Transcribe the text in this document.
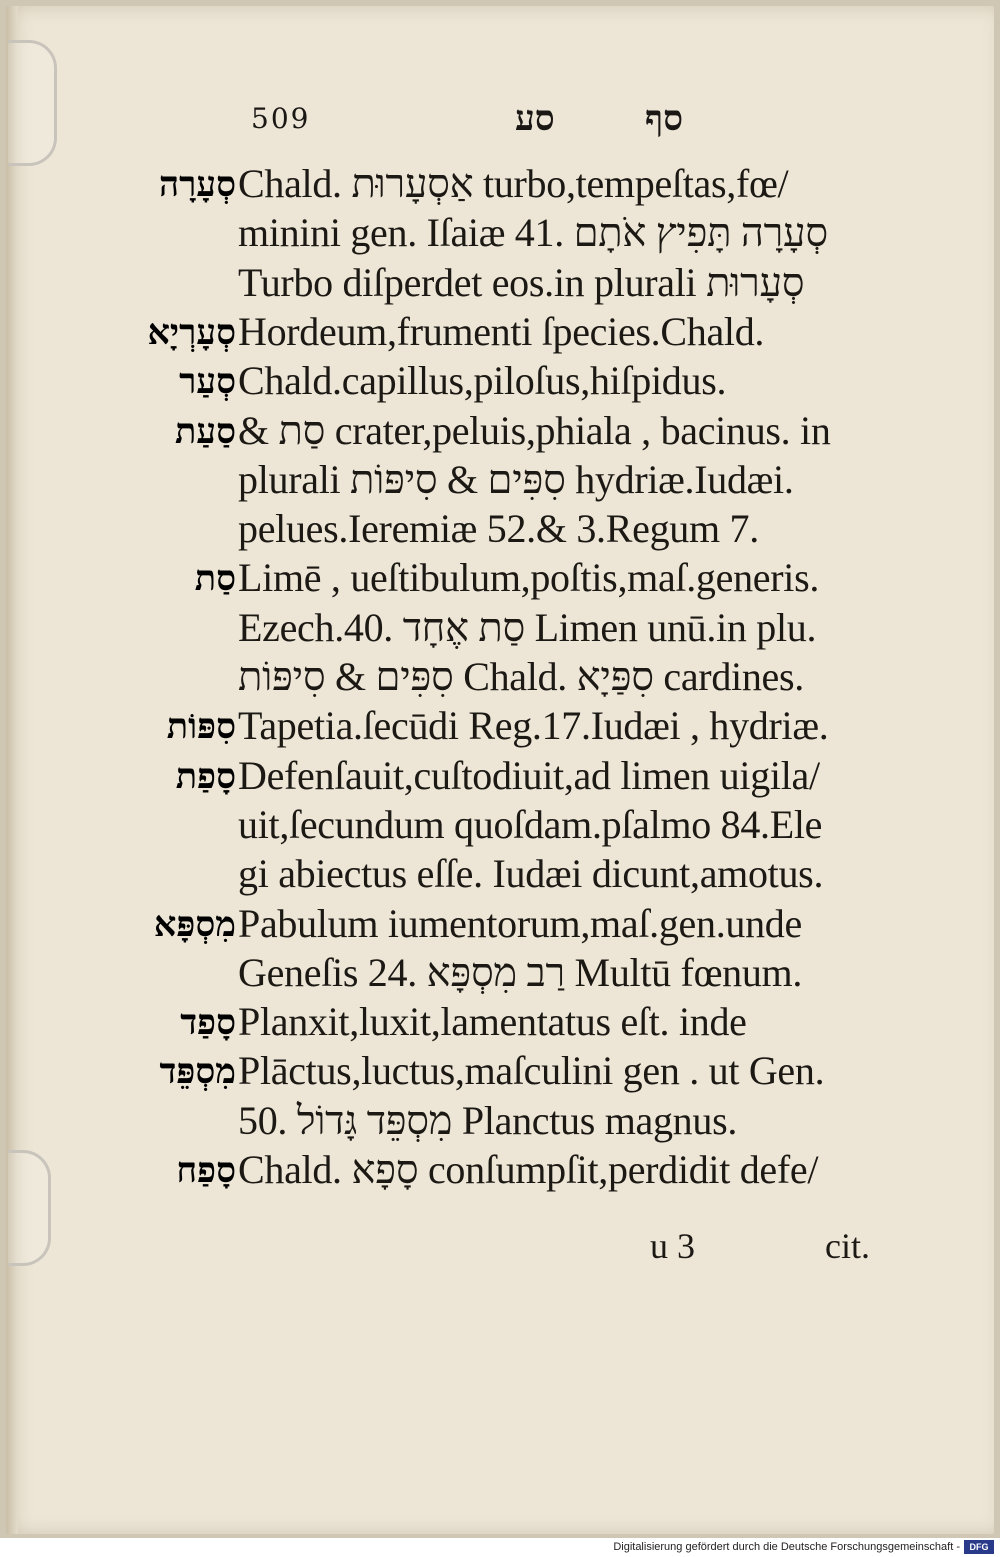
509	סע	סף
סְעָרָה Chald. אַסְעָרוּת turbo,tempeſtas,fœ/
minini gen. Iſaiæ 41. סְעָרָה תָּפִיץ אֹתָם
Turbo diſperdet eos.in plurali סְעָרוּת
סְעָרְיָא Hordeum,frumenti ſpecies.Chald.
סְעַר Chald.capillus,piloſus,hiſpidus.
סַעַת & סַת crater,peluis,phiala , bacinus. in
plurali סִפִּים & סִיפּוֹת hydriæ.Iudæi.
pelues.Ieremiæ 52.& 3.Regum 7.
סַת Limē , ueſtibulum,poſtis,maſ.generis.
Ezech.40. סַת אֶחָד Limen unū.in plu.
סִפִּים & סִיפּוֹת Chald. סִפַּיָא cardines.
סִפּוֹת Tapetia.ſecūdi Reg.17.Iudæi , hydriæ.
סָפַת Defenſauit,cuſtodiuit,ad limen uigila/
uit,ſecundum quoſdam.pſalmo 84.Ele
gi abiectus eſſe. Iudæi dicunt,amotus.
מִסְפָּא Pabulum iumentorum,maſ.gen.unde
Geneſis 24. רַב מִסְפָּא Multū fœnum.
סָפַד Planxit,luxit,lamentatus eſt. inde
מִסְפֵּד Plāctus,luctus,maſculini gen . ut Gen.
50. מִסְפֵּד גָּדוֹל Planctus magnus.
סָפַח Chald. סָפָא conſumpſit,perdidit defe/
u 3	cit.
Digitalisierung gefördert durch die Deutsche Forschungsgemeinschaft -	DFG
